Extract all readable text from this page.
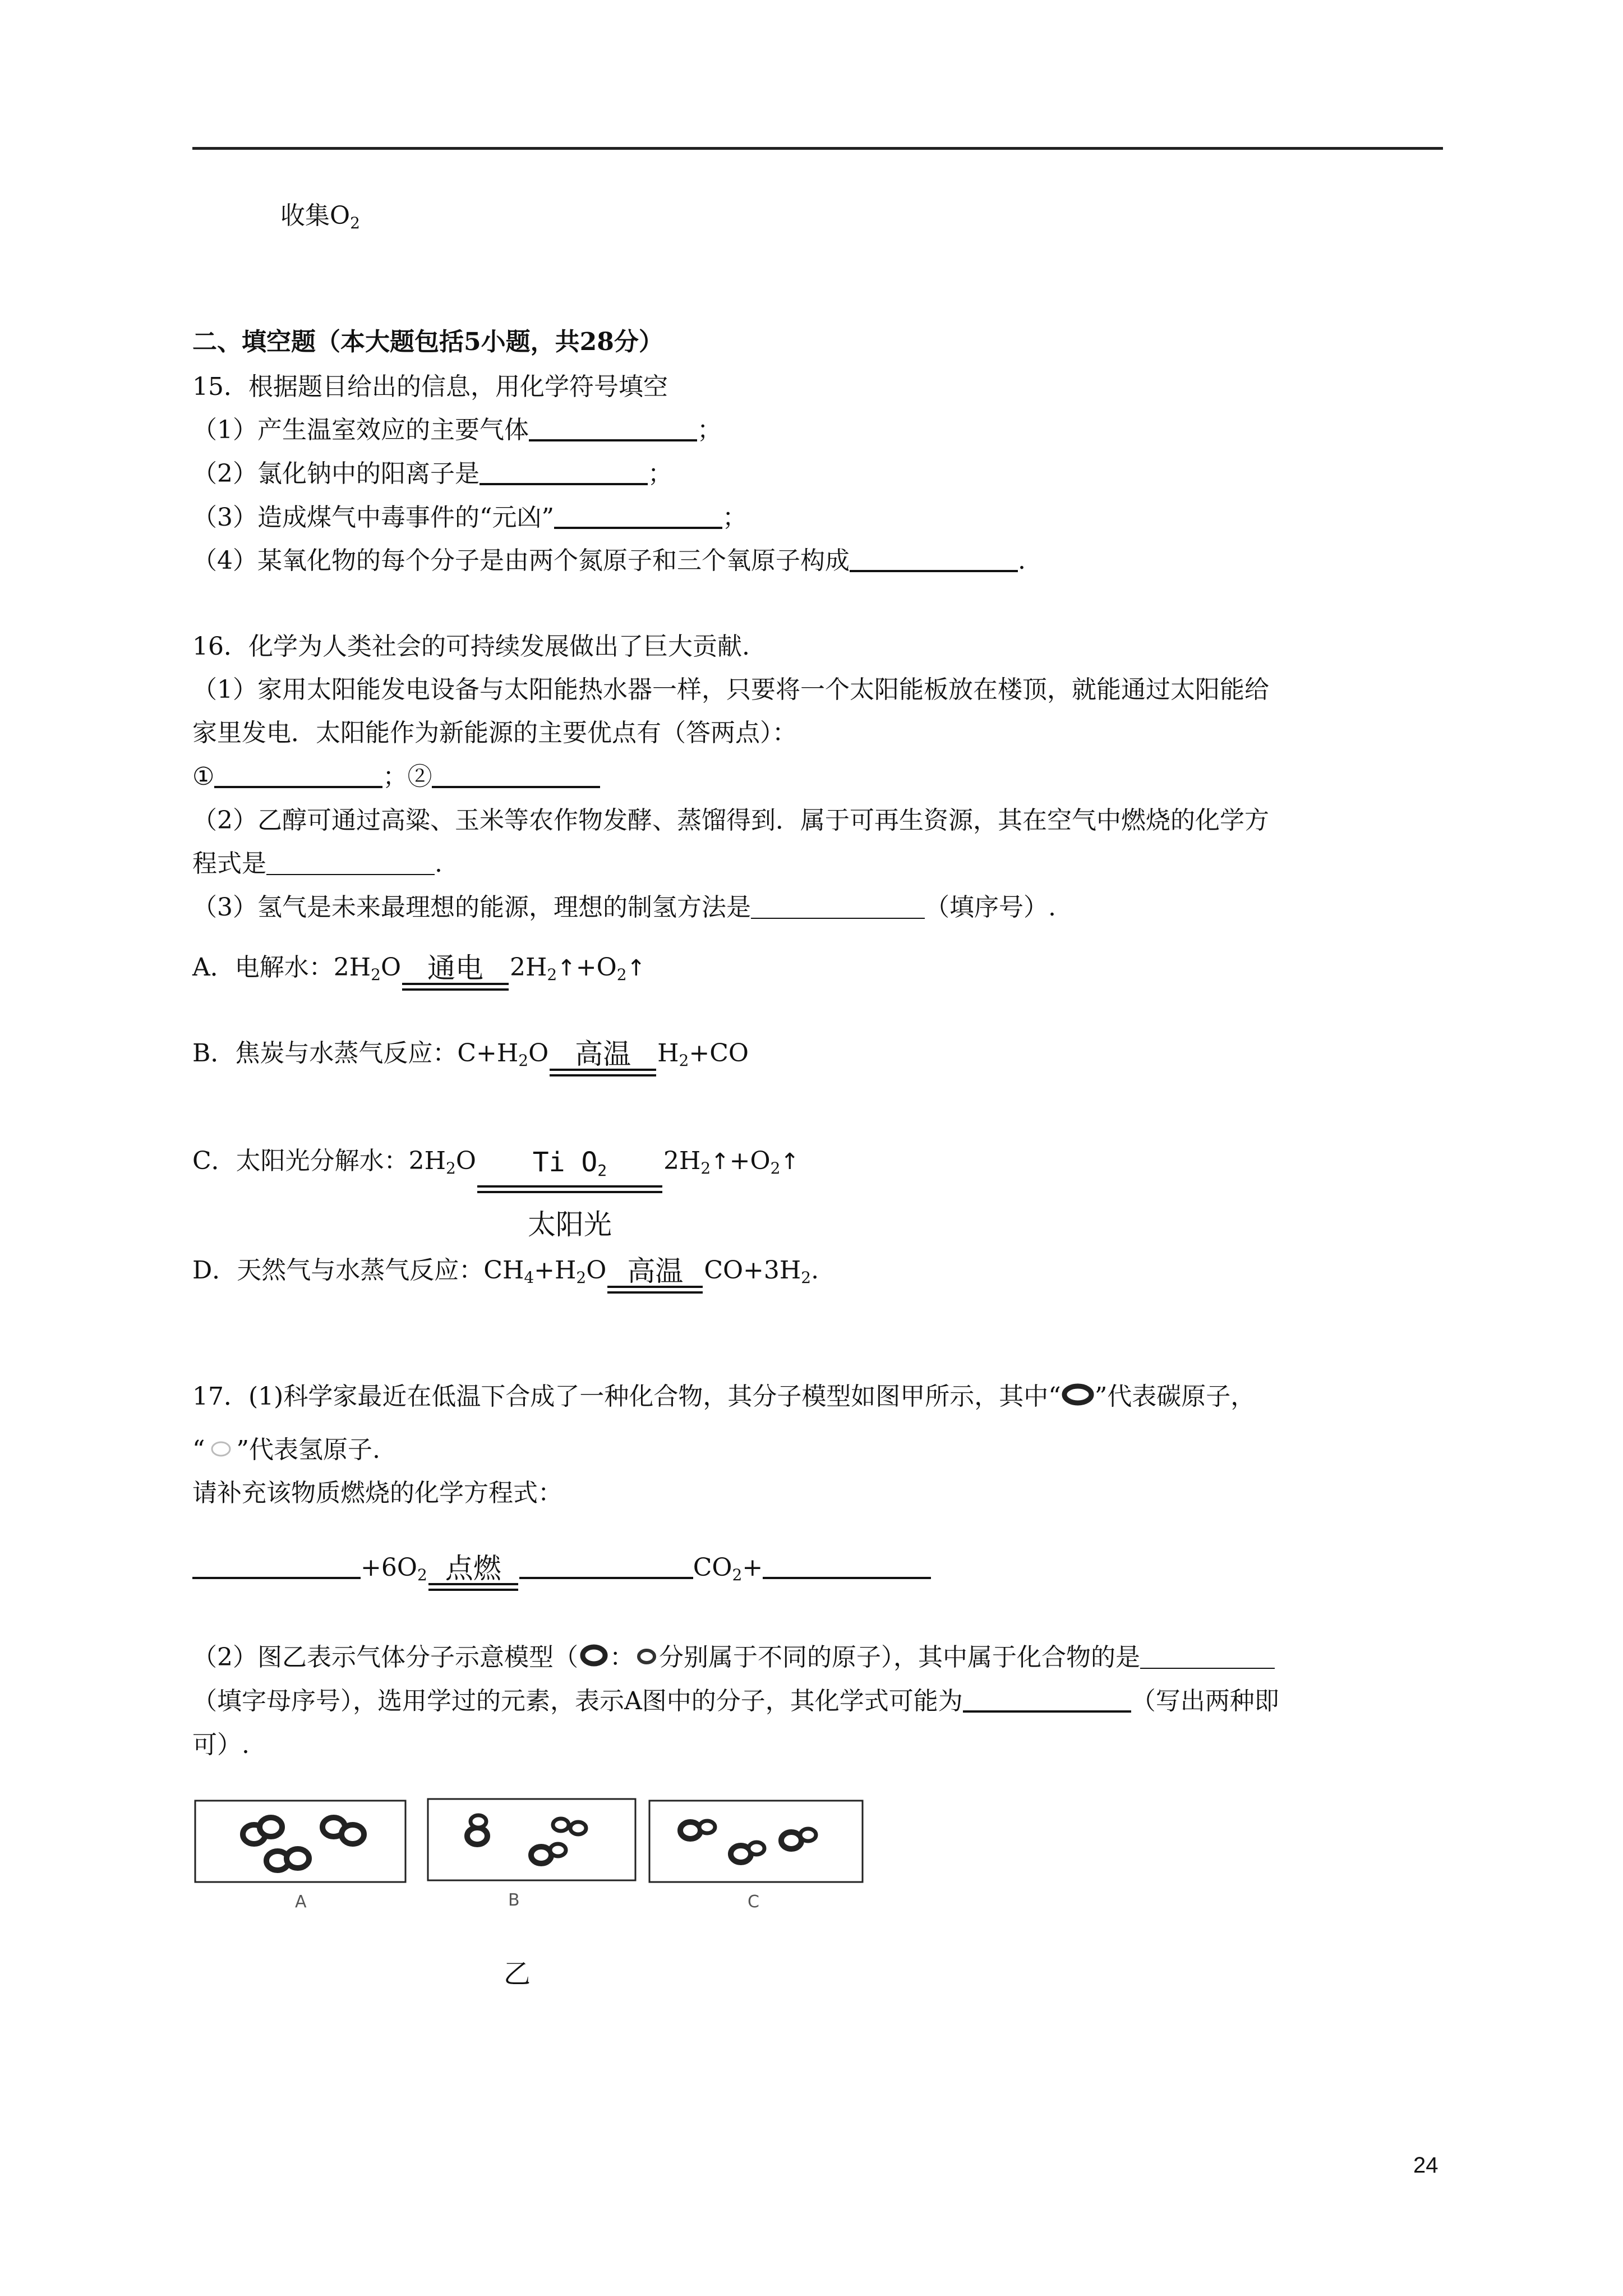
收集$O_2$
二、填空题（本大题包括5小题，共28分）
15．根据题目给出的信息，用化学符号填空
（1）产生温室效应的主要气体	；
（2）氯化钠中的阳离子是	；
（3）造成煤气中毒事件的“元凶”	；
（4）某氧化物的每个分子是由两个氮原子和三个氧原子构成	.
16．化学为人类社会的可持续发展做出了巨大贡献.
（1）家用太阳能发电设备与太阳能热水器一样，只要将一个太阳能板放在楼顶，就能通过太阳能给
家里发电．太阳能作为新能源的主要优点有（答两点）：
①	；②
（2）乙醇可通过高粱、玉米等农作物发酵、蒸馏得到．属于可再生资源，其在空气中燃烧的化学方
程式是	.
（3）氢气是未来最理想的能源，理想的制氢方法是	（填序号）.
A．电解水：$2H_2O$ 通电	$2H_2↑+O_2↑$
B．焦炭与水蒸气反应：$C+H_2O$ 高温	$H_2+CO$
C．太阳光分解水：$2H_2O$	Ti $O_2$
太阳光
$2H_2↑+O_2↑$
D．天然气与水蒸气反应：$CH_4+H_2O$ 高温 $CO+3H_2$.
17．(1)科学家最近在低温下合成了一种化合物，其分子模型如图甲所示，其中“ ”代表碳原子，
“ ”代表氢原子.
请补充该物质燃烧的化学方程式：
$+6O_2$ 点燃	$CO_2+$
（2）图乙表示气体分子示意模型（ ： 分别属于不同的原子），其中属于化合物的是
（填字母序号），选用学过的元素，表示A图中的分子，其化学式可能为	（写出两种即
可）.
A	B	C
乙
24
